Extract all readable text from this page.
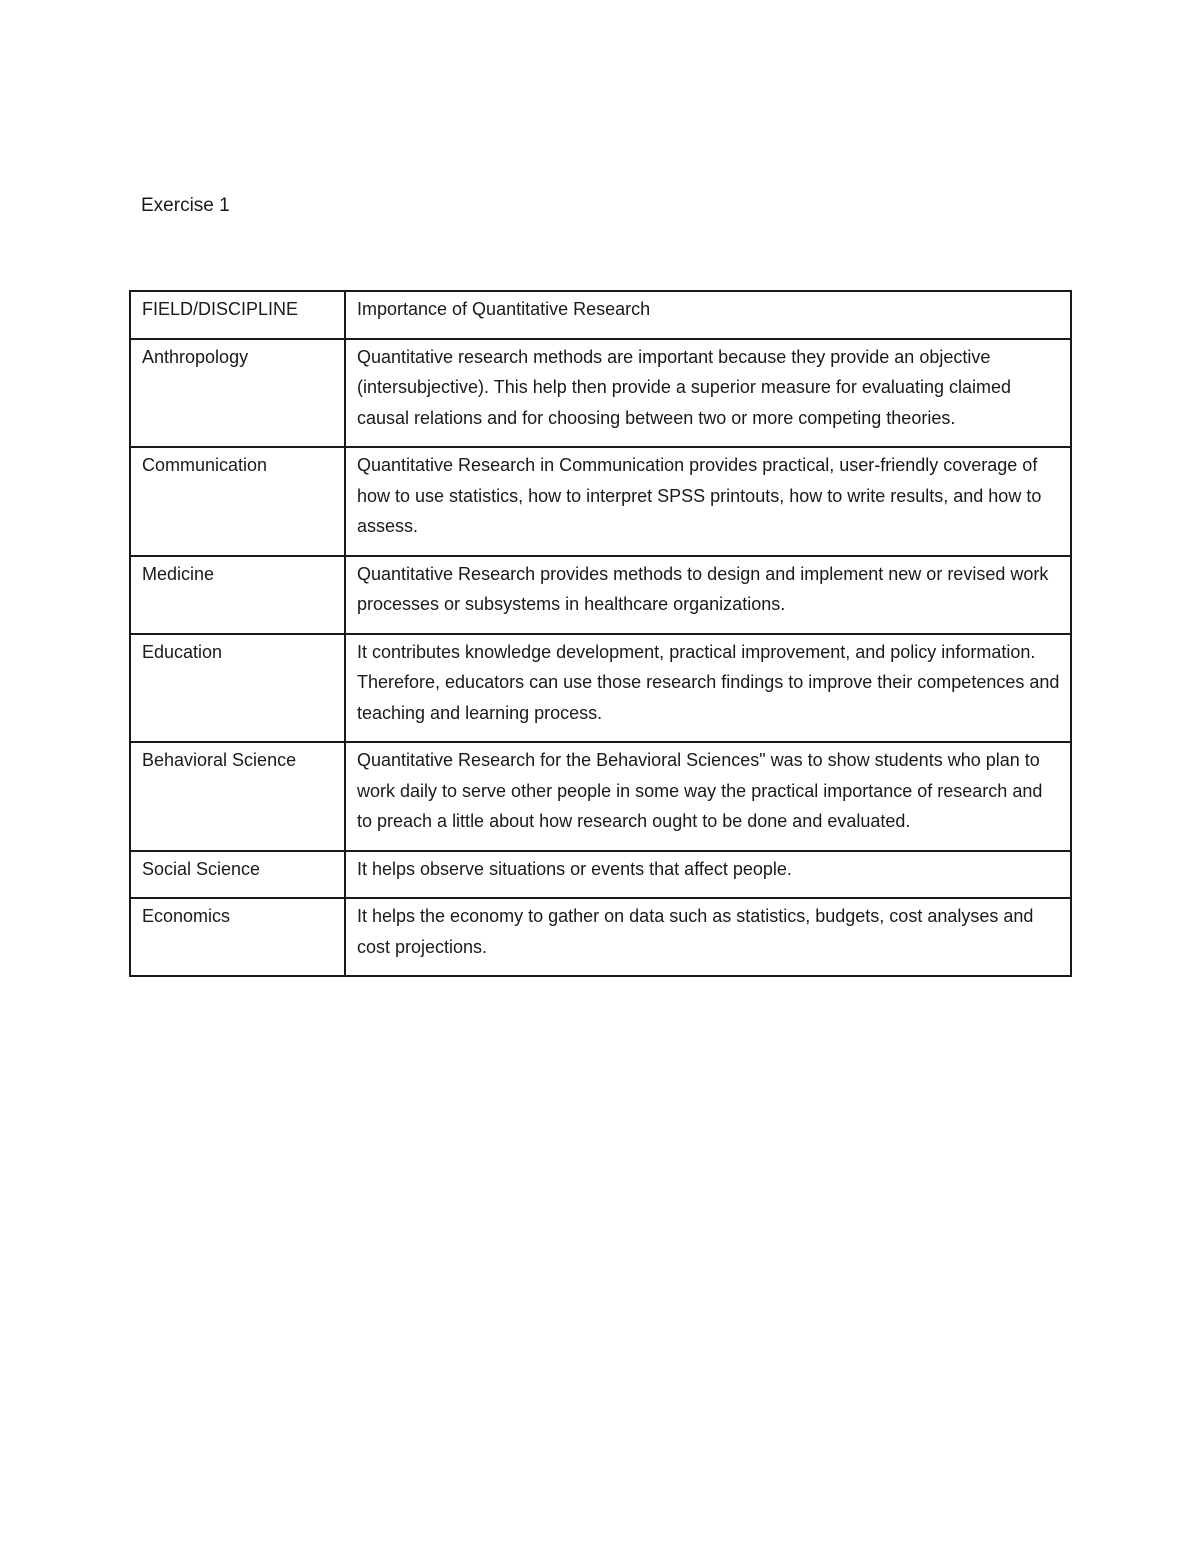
Exercise 1
FIELD/DISCIPLINE	Importance of Quantitative Research
Anthropology	Quantitative research methods are important because they provide an objective (intersubjective). This help then provide a superior measure for evaluating claimed causal relations and for choosing between two or more competing theories.
Communication	Quantitative Research in Communication provides practical, user-friendly coverage of how to use statistics, how to interpret SPSS printouts, how to write results, and how to assess.
Medicine	Quantitative Research provides methods to design and implement new or revised work processes or subsystems in healthcare organizations.
Education	It contributes knowledge development, practical improvement, and policy information. Therefore, educators can use those research findings to improve their competences and teaching and learning process.
Behavioral Science	Quantitative Research for the Behavioral Sciences" was to show students who plan to work daily to serve other people in some way the practical importance of research and to preach a little about how research ought to be done and evaluated.
Social Science	It helps observe situations or events that affect people.
Economics	It helps the economy to gather on data such as statistics, budgets, cost analyses and cost projections.
